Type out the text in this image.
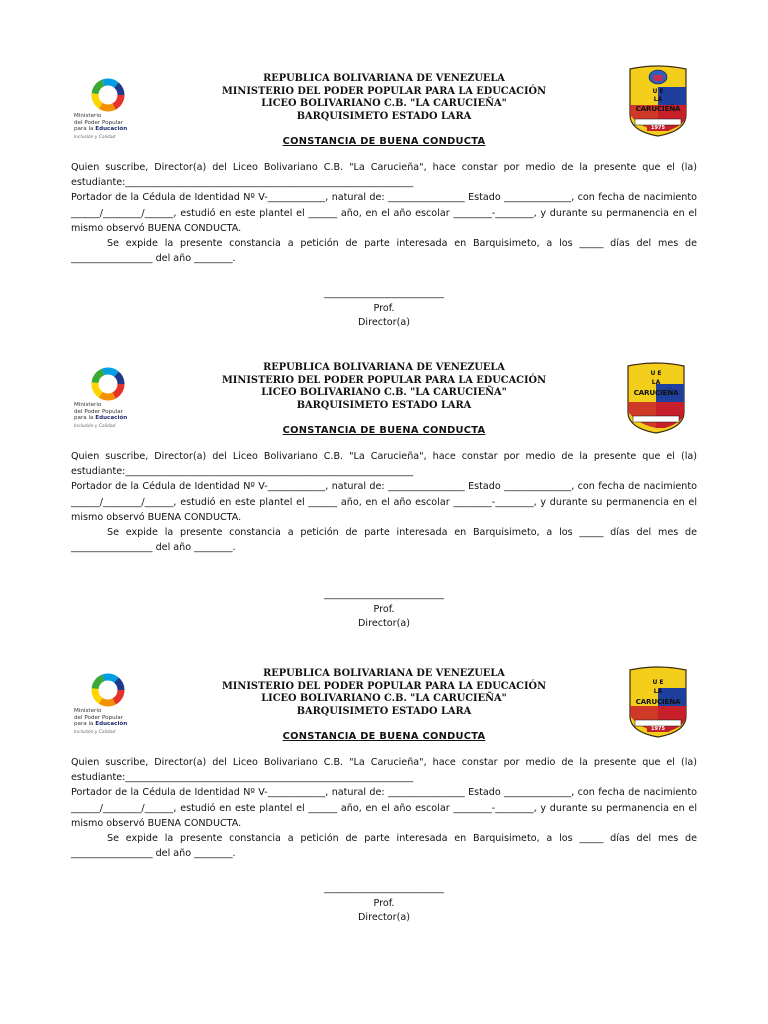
Ministerio
del Poder Popular
para la Educación
Inclusión y Calidad
REPUBLICA BOLIVARIANA DE VENEZUELA
MINISTERIO DEL PODER POPULAR PARA LA EDUCACIÓN
LICEO BOLIVARIANO C.B. "LA CARUCIEÑA"
BARQUISIMETO ESTADO LARA
U E
LA
CARUCIEÑA
1975
CONSTANCIA DE BUENA CONDUCTA

Quien suscribe, Director(a) del Liceo Bolivariano C.B. "La Carucieña", hace constar por medio de la presente que el (la) estudiante:____________________________________________________________

Portador de la Cédula de Identidad Nº V-____________, natural de: ________________ Estado ______________, con fecha de nacimiento ______/________/______, estudió en este plantel el ______ año, en el año escolar ________-________, y durante su permanencia en el mismo observó BUENA CONDUCTA.

Se expide la presente constancia a petición de parte interesada en Barquisimeto, a los _____ días del mes de _________________ del año ________.

_________________________
Prof.
Director(a)
Ministerio
del Poder Popular
para la Educación
Inclusión y Calidad
REPUBLICA BOLIVARIANA DE VENEZUELA
MINISTERIO DEL PODER POPULAR PARA LA EDUCACIÓN
LICEO BOLIVARIANO C.B. "LA CARUCIEÑA"
BARQUISIMETO ESTADO LARA
U E
LA
CARUCIEÑA
CONSTANCIA DE BUENA CONDUCTA

Quien suscribe, Director(a) del Liceo Bolivariano C.B. "La Carucieña", hace constar por medio de la presente que el (la) estudiante:____________________________________________________________

Portador de la Cédula de Identidad Nº V-____________, natural de: ________________ Estado ______________, con fecha de nacimiento ______/________/______, estudió en este plantel el ______ año, en el año escolar ________-________, y durante su permanencia en el mismo observó BUENA CONDUCTA.

Se expide la presente constancia a petición de parte interesada en Barquisimeto, a los _____ días del mes de _________________ del año ________.

_________________________
Prof.
Director(a)
Ministerio
del Poder Popular
para la Educación
Inclusión y Calidad
REPUBLICA BOLIVARIANA DE VENEZUELA
MINISTERIO DEL PODER POPULAR PARA LA EDUCACIÓN
LICEO BOLIVARIANO C.B. "LA CARUCIEÑA"
BARQUISIMETO ESTADO LARA
U E
LA
CARUCIEÑA
1975
CONSTANCIA DE BUENA CONDUCTA

Quien suscribe, Director(a) del Liceo Bolivariano C.B. "La Carucieña", hace constar por medio de la presente que el (la) estudiante:____________________________________________________________

Portador de la Cédula de Identidad Nº V-____________, natural de: ________________ Estado ______________, con fecha de nacimiento ______/________/______, estudió en este plantel el ______ año, en el año escolar ________-________, y durante su permanencia en el mismo observó BUENA CONDUCTA.

Se expide la presente constancia a petición de parte interesada en Barquisimeto, a los _____ días del mes de _________________ del año ________.

_________________________
Prof.
Director(a)
